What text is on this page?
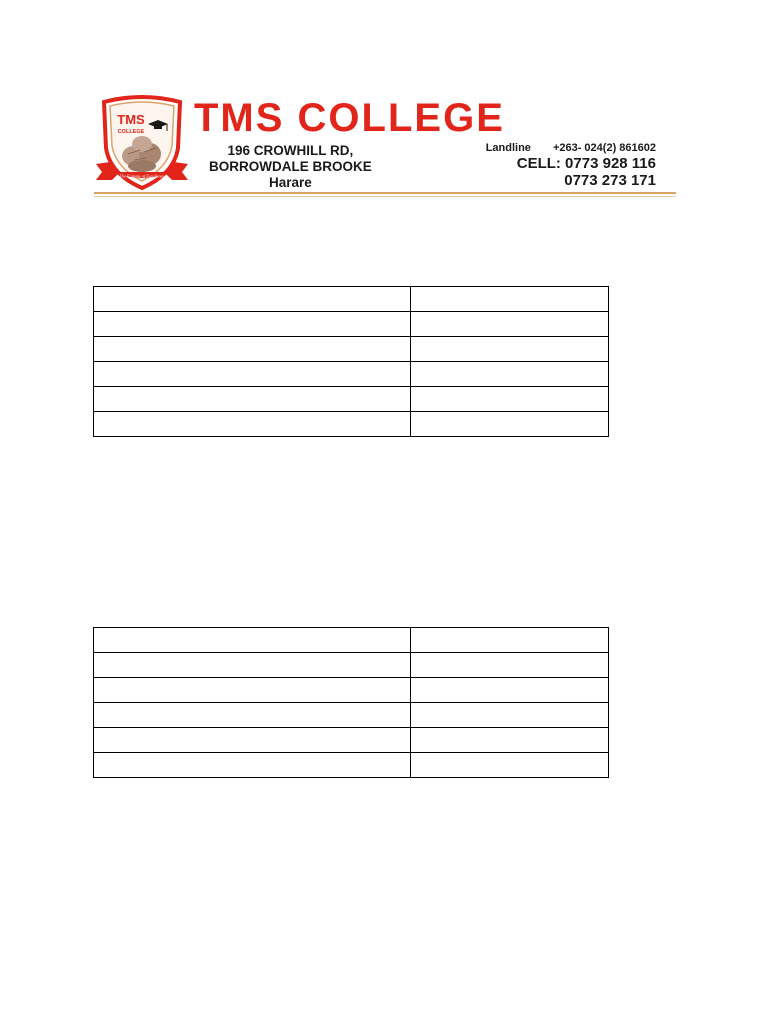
TMS
COLLEGE
The Epitome of Excellence
TMS COLLEGE
196 CROWHILL RD,
BORROWDALE BROOKE
Harare
Landline +263- 024(2) 861602
CELL: 0773 928 116
0773 273 171
